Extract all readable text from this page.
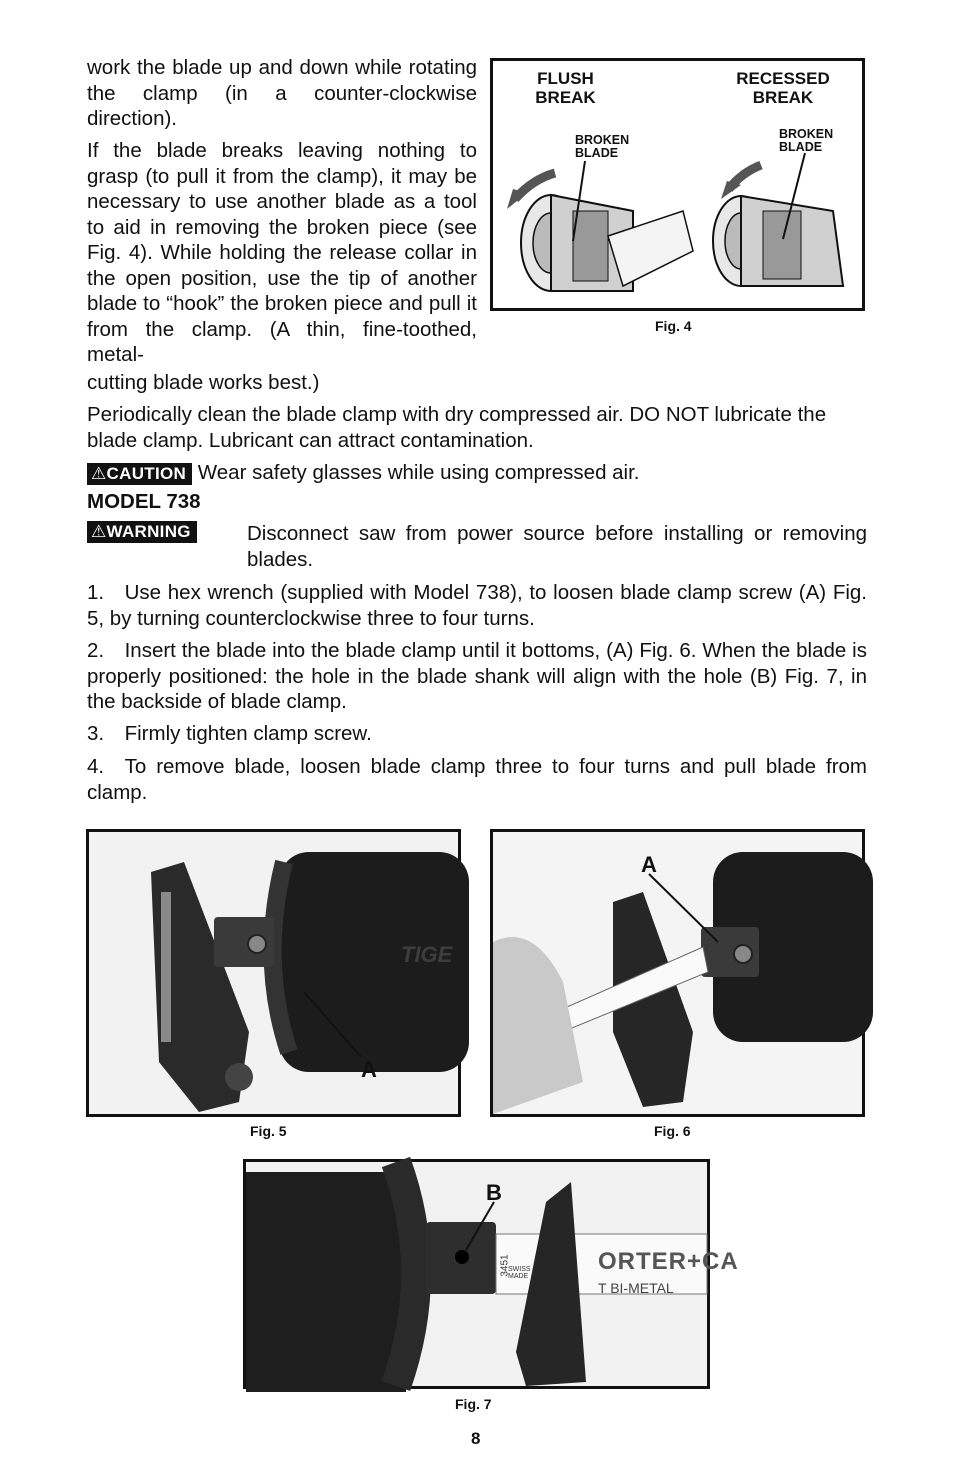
work the blade up and down while rotating the clamp (in a counter-clockwise direction).
If the blade breaks leaving nothing to grasp (to pull it from the clamp), it may be necessary to use another blade as a tool to aid in removing the broken piece (see Fig. 4). While holding the release collar in the open position, use the tip of another blade to “hook” the broken piece and pull it from the clamp. (A thin, fine-toothed, metal-
cutting blade works best.)
FLUSH
BREAK
RECESSED
BREAK
BROKEN
BLADE
BROKEN
BLADE
Fig. 4
Periodically clean the blade clamp with dry compressed air. DO NOT lubricate the blade clamp. Lubricant can attract contamination.
⚠CAUTION Wear safety glasses while using compressed air.
MODEL 738
⚠WARNING	Disconnect saw from power source before installing or removing blades.
1. Use hex wrench (supplied with Model 738), to loosen blade clamp screw (A) Fig. 5, by turning counterclockwise three to four turns.
2. Insert the blade into the blade clamp until it bottoms, (A) Fig. 6. When the blade is properly positioned: the hole in the blade shank will align with the hole (B) Fig. 7, in the backside of blade clamp.
3. Firmly tighten clamp screw.
4. To remove blade, loosen blade clamp three to four turns and pull blade from clamp.
TIGE
A
Fig. 5
A
Fig. 6
3451
SWISS
MADE
ORTER+CA
T BI-METAL
B
Fig. 7
8
